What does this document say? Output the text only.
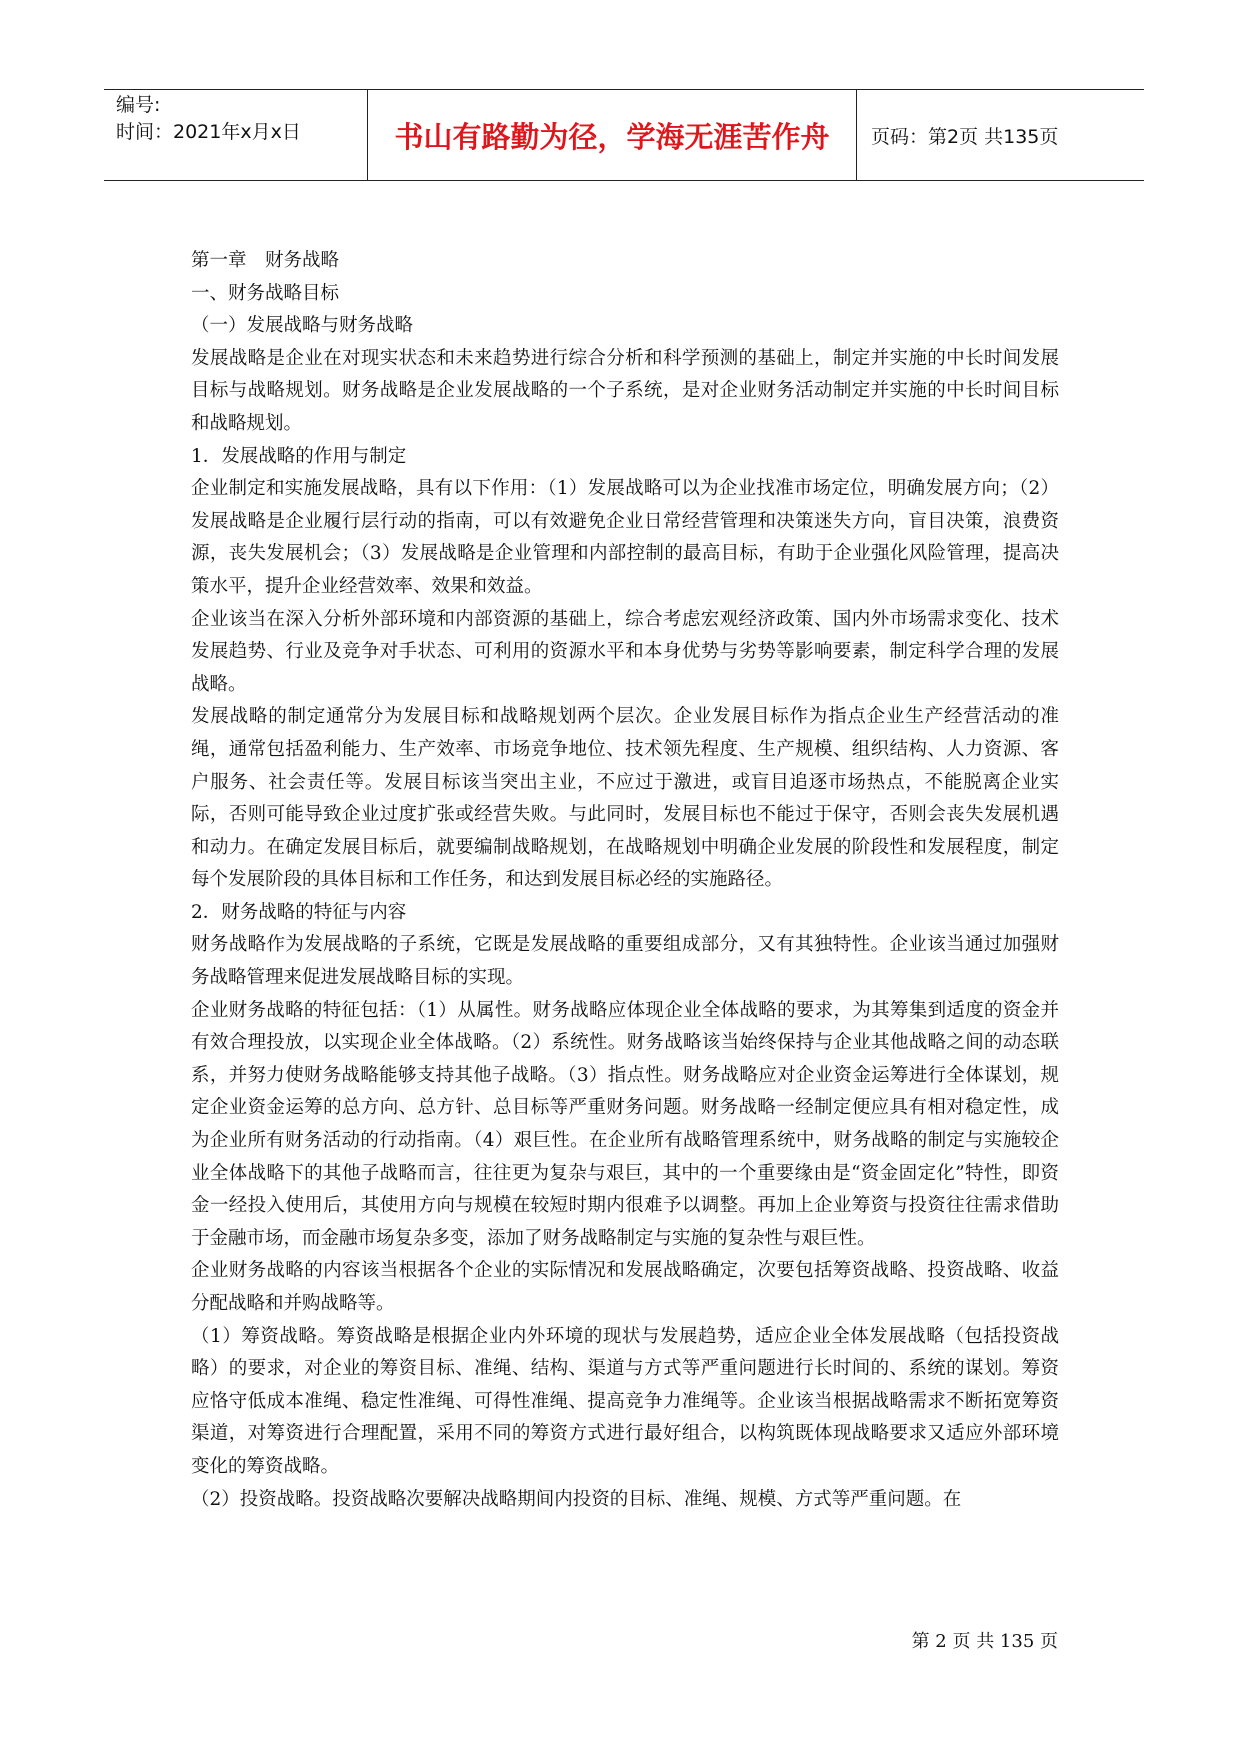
编号:
时间：2021年x月x日	书山有路勤为径，学海无涯苦作舟	页码：第2页 共135页

第一章　财务战略

一、财务战略目标

（一）发展战略与财务战略

发展战略是企业在对现实状态和未来趋势进行综合分析和科学预测的基础上，制定并实施的中长时间发展目标与战略规划。财务战略是企业发展战略的一个子系统，是对企业财务活动制定并实施的中长时间目标和战略规划。

1．发展战略的作用与制定

企业制定和实施发展战略，具有以下作用：（1）发展战略可以为企业找准市场定位，明确发展方向；（2）发展战略是企业履行层行动的指南，可以有效避免企业日常经营管理和决策迷失方向，盲目决策，浪费资源，丧失发展机会；（3）发展战略是企业管理和内部控制的最高目标，有助于企业强化风险管理，提高决策水平，提升企业经营效率、效果和效益。

企业该当在深入分析外部环境和内部资源的基础上，综合考虑宏观经济政策、国内外市场需求变化、技术发展趋势、行业及竞争对手状态、可利用的资源水平和本身优势与劣势等影响要素，制定科学合理的发展战略。

发展战略的制定通常分为发展目标和战略规划两个层次。企业发展目标作为指点企业生产经营活动的准绳，通常包括盈利能力、生产效率、市场竞争地位、技术领先程度、生产规模、组织结构、人力资源、客户服务、社会责任等。发展目标该当突出主业，不应过于激进，或盲目追逐市场热点，不能脱离企业实际，否则可能导致企业过度扩张或经营失败。与此同时，发展目标也不能过于保守，否则会丧失发展机遇和动力。在确定发展目标后，就要编制战略规划，在战略规划中明确企业发展的阶段性和发展程度，制定每个发展阶段的具体目标和工作任务，和达到发展目标必经的实施路径。

2．财务战略的特征与内容

财务战略作为发展战略的子系统，它既是发展战略的重要组成部分，又有其独特性。企业该当通过加强财务战略管理来促进发展战略目标的实现。

企业财务战略的特征包括：（1）从属性。财务战略应体现企业全体战略的要求，为其筹集到适度的资金并有效合理投放，以实现企业全体战略。（2）系统性。财务战略该当始终保持与企业其他战略之间的动态联系，并努力使财务战略能够支持其他子战略。（3）指点性。财务战略应对企业资金运筹进行全体谋划，规定企业资金运筹的总方向、总方针、总目标等严重财务问题。财务战略一经制定便应具有相对稳定性，成为企业所有财务活动的行动指南。（4）艰巨性。在企业所有战略管理系统中，财务战略的制定与实施较企业全体战略下的其他子战略而言，往往更为复杂与艰巨，其中的一个重要缘由是“资金固定化”特性，即资金一经投入使用后，其使用方向与规模在较短时期内很难予以调整。再加上企业筹资与投资往往需求借助于金融市场，而金融市场复杂多变，添加了财务战略制定与实施的复杂性与艰巨性。

企业财务战略的内容该当根据各个企业的实际情况和发展战略确定，次要包括筹资战略、投资战略、收益分配战略和并购战略等。

（1）筹资战略。筹资战略是根据企业内外环境的现状与发展趋势，适应企业全体发展战略（包括投资战略）的要求，对企业的筹资目标、准绳、结构、渠道与方式等严重问题进行长时间的、系统的谋划。筹资应恪守低成本准绳、稳定性准绳、可得性准绳、提高竞争力准绳等。企业该当根据战略需求不断拓宽筹资渠道，对筹资进行合理配置，采用不同的筹资方式进行最好组合，以构筑既体现战略要求又适应外部环境变化的筹资战略。

（2）投资战略。投资战略次要解决战略期间内投资的目标、准绳、规模、方式等严重问题。在

第 2 页 共 135 页
